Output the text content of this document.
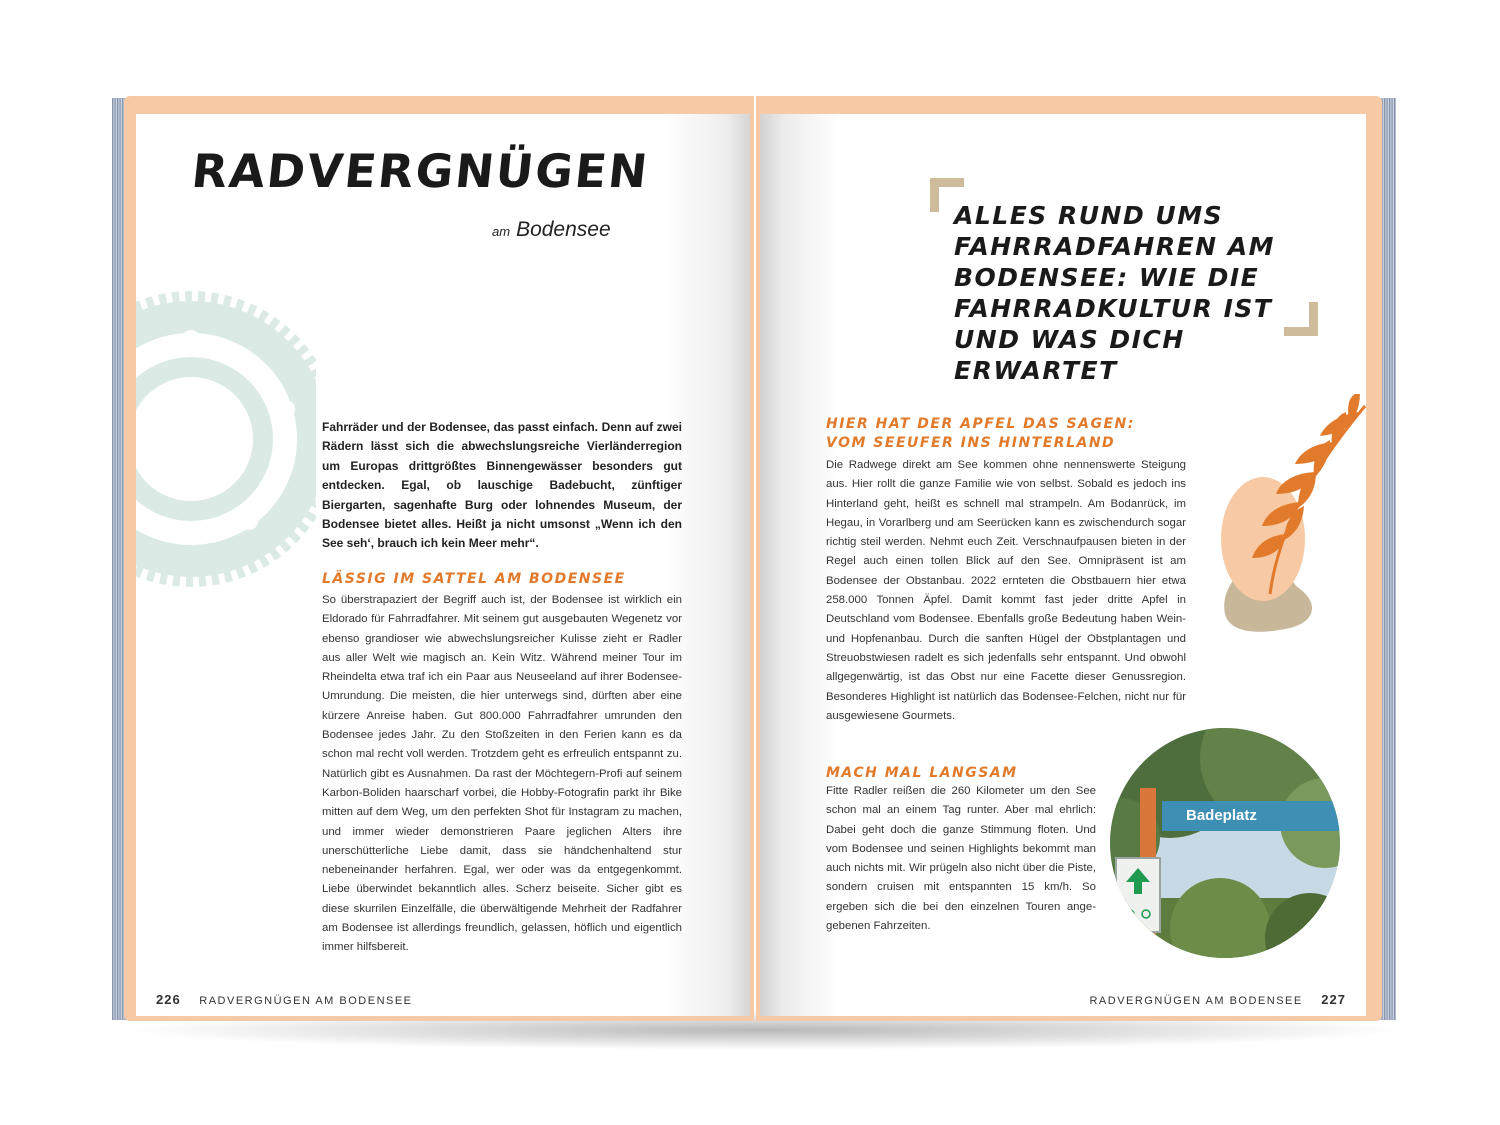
RADVERGNÜGEN
am Bodensee

Fahrräder und der Bodensee, das passt einfach. Denn auf zwei Rädern lässt sich die abwechslungsreiche Vierländerregion um Europas drittgrößtes Binnengewässer besonders gut entdecken. Egal, ob lauschige Badebucht, zünftiger Biergarten, sagenhafte Burg oder lohnendes Museum, der Bodensee bietet alles. Heißt ja nicht umsonst „Wenn ich den See seh‘, brauch ich kein Meer mehr“.

LÄSSIG IM SATTEL AM BODENSEE

So überstrapaziert der Begriff auch ist, der Bodensee ist wirklich ein Eldorado für Fahrradfahrer. Mit seinem gut ausgebauten Wegenetz vor ebenso grandioser wie abwechslungsreicher Kulisse zieht er Radler aus aller Welt wie magisch an. Kein Witz. Während meiner Tour im Rheindelta etwa traf ich ein Paar aus Neuseeland auf ihrer Bodensee-Umrundung. Die meisten, die hier unterwegs sind, dürften aber eine kürzere Anreise haben. Gut 800.000 Fahrradfahrer umrunden den Bodensee jedes Jahr. Zu den Stoßzeiten in den Ferien kann es da schon mal recht voll werden. Trotzdem geht es erfreulich entspannt zu. Natürlich gibt es Ausnahmen. Da rast der Möchtegern-Profi auf seinem Karbon-Boliden haarscharf vorbei, die Hobby-Fotografin parkt ihr Bike mitten auf dem Weg, um den perfekten Shot für Instagram zu machen, und immer wieder demonstrieren Paare jeglichen Alters ihre unerschütterliche Liebe damit, dass sie händchenhaltend stur nebeneinander herfahren. Egal, wer oder was da entgegenkommt. Liebe überwindet bekanntlich alles. Scherz beiseite. Sicher gibt es diese skurrilen Einzelfälle, die überwältigende Mehrheit der Radfahrer am Bodensee ist allerdings freundlich, gelassen, höflich und eigentlich immer hilfsbereit.

226 RADVERGNÜGEN AM BODENSEE

ALLES RUND UMS FAHRRADFAHREN AM BODENSEE: WIE DIE FAHRRADKULTUR IST UND WAS DICH ERWARTET

HIER HAT DER APFEL DAS SAGEN:
VOM SEEUFER INS HINTERLAND

Die Radwege direkt am See kommen ohne nennenswerte Steigung aus. Hier rollt die ganze Familie wie von selbst. Sobald es jedoch ins Hinterland geht, heißt es schnell mal strampeln. Am Bodanrück, im Hegau, in Vorarlberg und am Seerücken kann es zwischendurch sogar richtig steil werden. Nehmt euch Zeit. Verschnaufpausen bieten in der Regel auch einen tollen Blick auf den See. Omnipräsent ist am Bodensee der Obstanbau. 2022 ernteten die Obstbauern hier etwa 258.000 Tonnen Äpfel. Damit kommt fast jeder dritte Apfel in Deutschland vom Bodensee. Ebenfalls große Bedeutung haben Wein- und Hopfenanbau. Durch die sanften Hügel der Obstplantagen und Streuobstwiesen radelt es sich jedenfalls sehr entspannt. Und obwohl allgegenwärtig, ist das Obst nur eine Facette dieser Genussregion. Besonderes Highlight ist natürlich das Bodensee-Felchen, nicht nur für ausgewiesene Gourmets.

MACH MAL LANGSAM

Fitte Radler reißen die 260 Kilometer um den See schon mal an einem Tag runter. Aber mal ehrlich: Dabei geht doch die ganze Stimmung floten. Und vom Bodensee und seinen Highlights bekommt man auch nichts mit. Wir prügeln also nicht über die Piste, sondern cruisen mit entspannten 15 km/h. So ergeben sich die bei den einzelnen Touren angegebenen Fahrzeiten.

Badeplatz
RADVERGNÜGEN AM BODENSEE 227
